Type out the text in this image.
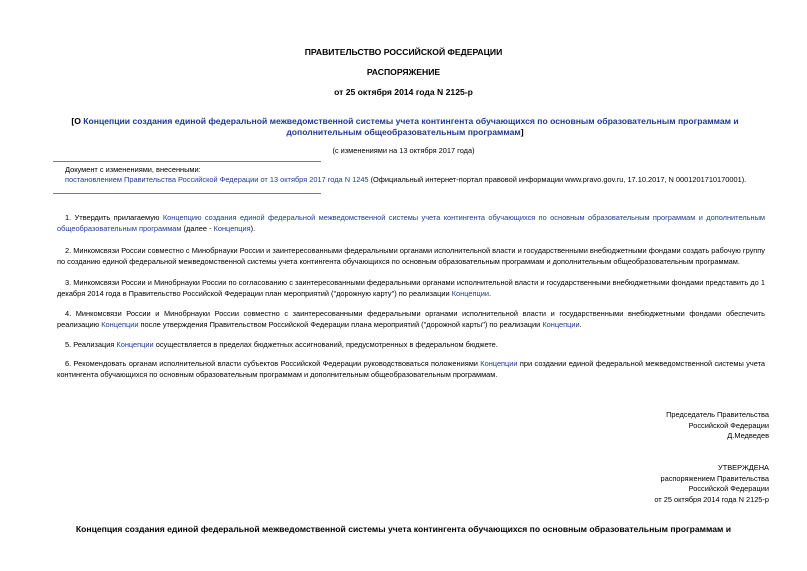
ПРАВИТЕЛЬСТВО РОССИЙСКОЙ ФЕДЕРАЦИИ
РАСПОРЯЖЕНИЕ
от 25 октября 2014 года N 2125-р
[О Концепции создания единой федеральной межведомственной системы учета контингента обучающихся по основным образовательным программам и дополнительным общеобразовательным программам]
(с изменениями на 13 октября 2017 года)
Документ с изменениями, внесенными:
постановлением Правительства Российской Федерации от 13 октября 2017 года N 1245 (Официальный интернет-портал правовой информации www.pravo.gov.ru, 17.10.2017, N 0001201710170001).
1. Утвердить прилагаемую Концепцию создания единой федеральной межведомственной системы учета контингента обучающихся по основным образовательным программам и дополнительным общеобразовательным программам (далее - Концепция).
2. Минкомсвязи России совместно с Минобрнауки России и заинтересованными федеральными органами исполнительной власти и государственными внебюджетными фондами создать рабочую группу по созданию единой федеральной межведомственной системы учета контингента обучающихся по основным образовательным программам и дополнительным общеобразовательным программам.
3. Минкомсвязи России и Минобрнауки России по согласованию с заинтересованными федеральными органами исполнительной власти и государственными внебюджетными фондами представить до 1 декабря 2014 года в Правительство Российской Федерации план мероприятий ("дорожную карту") по реализации Концепции.
4. Минкомсвязи России и Минобрнауки России совместно с заинтересованными федеральными органами исполнительной власти и государственными внебюджетными фондами обеспечить реализацию Концепции после утверждения Правительством Российской Федерации плана мероприятий ("дорожной карты") по реализации Концепции.
5. Реализация Концепции осуществляется в пределах бюджетных ассигнований, предусмотренных в федеральном бюджете.
6. Рекомендовать органам исполнительной власти субъектов Российской Федерации руководствоваться положениями Концепции при создании единой федеральной межведомственной системы учета контингента обучающихся по основным образовательным программам и дополнительным общеобразовательным программам.
Председатель Правительства
Российской Федерации
Д.Медведев
УТВЕРЖДЕНА
распоряжением Правительства
Российской Федерации
от 25 октября 2014 года N 2125-р
Концепция создания единой федеральной межведомственной системы учета контингента обучающихся по основным образовательным программам и
